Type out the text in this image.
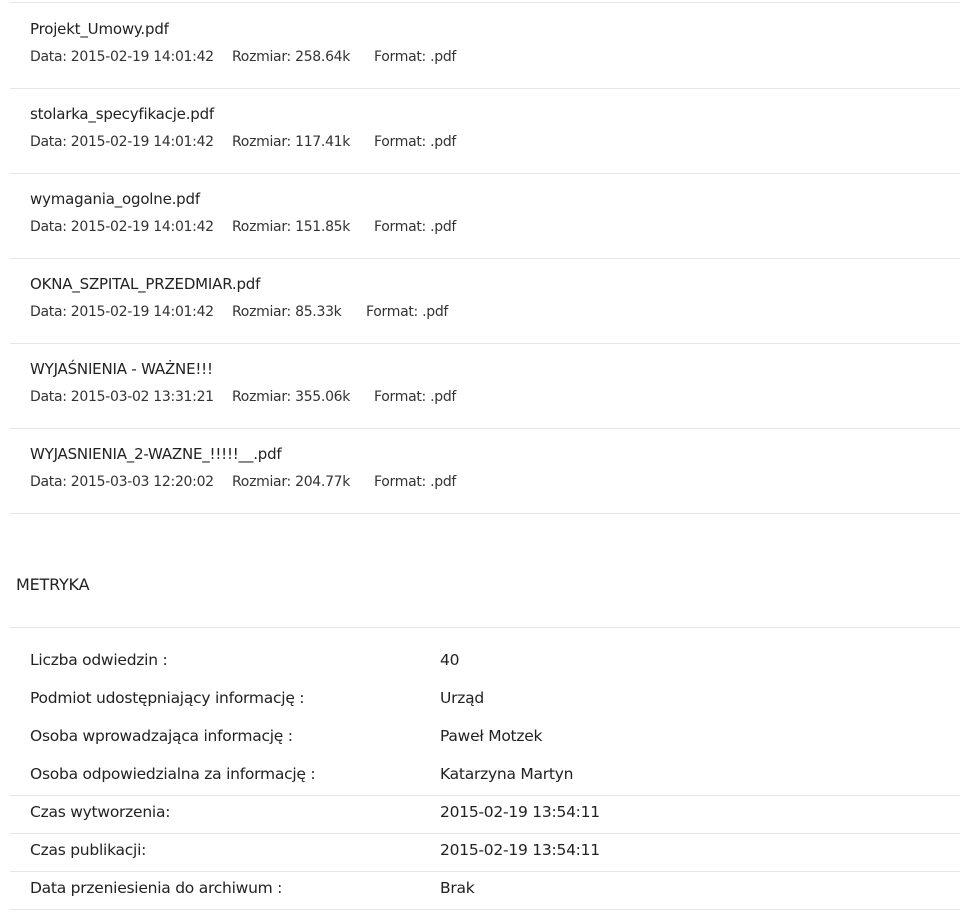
Projekt_Umowy.pdf
Data: 2015-02-19 14:01:42 Rozmiar: 258.64k Format: .pdf
stolarka_specyfikacje.pdf
Data: 2015-02-19 14:01:42 Rozmiar: 117.41k Format: .pdf
wymagania_ogolne.pdf
Data: 2015-02-19 14:01:42 Rozmiar: 151.85k Format: .pdf
OKNA_SZPITAL_PRZEDMIAR.pdf
Data: 2015-02-19 14:01:42 Rozmiar: 85.33k Format: .pdf
WYJAŚNIENIA - WAŻNE!!!
Data: 2015-03-02 13:31:21 Rozmiar: 355.06k Format: .pdf
WYJASNIENIA_2-WAZNE_!!!!!__.pdf
Data: 2015-03-03 12:20:02 Rozmiar: 204.77k Format: .pdf
METRYKA
Liczba odwiedzin :	40
Podmiot udostępniający informację :	Urząd
Osoba wprowadzająca informację :	Paweł Motzek
Osoba odpowiedzialna za informację :	Katarzyna Martyn
Czas wytworzenia:	2015-02-19 13:54:11
Czas publikacji:	2015-02-19 13:54:11
Data przeniesienia do archiwum :	Brak
